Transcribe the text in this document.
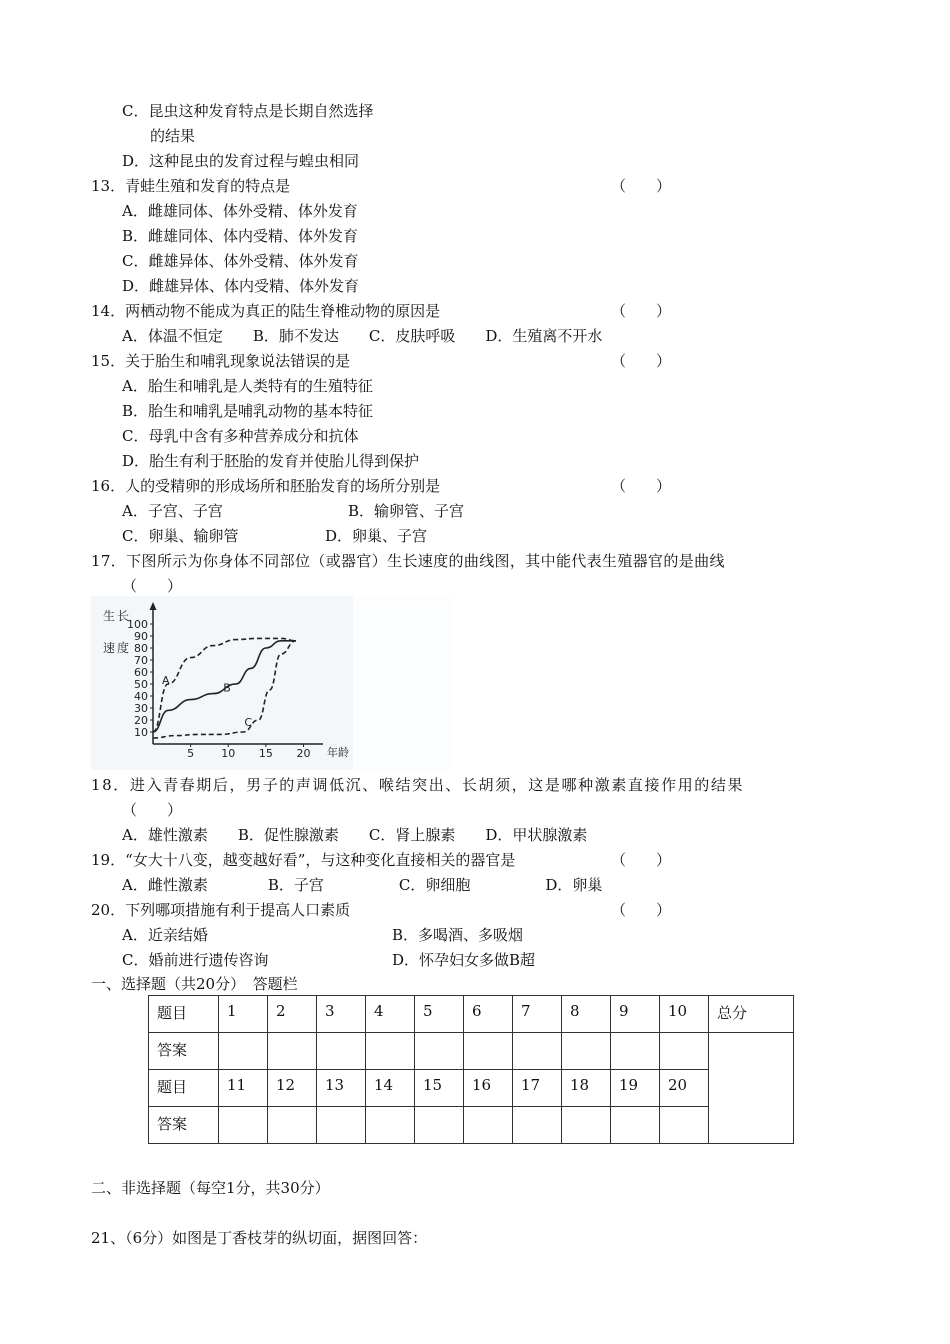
C．昆虫这种发育特点是长期自然选择
的结果
D．这种昆虫的发育过程与蝗虫相同
13．青蛙生殖和发育的特点是	（　　）
A．雌雄同体、体外受精、体外发育
B．雌雄同体、体内受精、体外发育
C．雌雄异体、体外受精、体外发育
D．雌雄异体、体内受精、体外发育
14．两栖动物不能成为真正的陆生脊椎动物的原因是	（　　）
A．体温不恒定　　B．肺不发达　　C．皮肤呼吸　　D．生殖离不开水
15．关于胎生和哺乳现象说法错误的是	（　　）
A．胎生和哺乳是人类特有的生殖特征
B．胎生和哺乳是哺乳动物的基本特征
C．母乳中含有多种营养成分和抗体
D．胎生有利于胚胎的发育并使胎儿得到保护
16．人的受精卵的形成场所和胚胎发育的场所分别是	（　　）
A．子宫、子宫	B．输卵管、子宫
C．卵巢、输卵管	D．卵巢、子宫
17．下图所示为你身体不同部位（或器官）生长速度的曲线图，其中能代表生殖器官的是曲线
（　　）
生 长
速 度
10
20
30
40
50
60
70
80
90
100
5 10 15 20
A
B
C
年龄
18．进入青春期后，男子的声调低沉、喉结突出、长胡须，这是哪种激素直接作用的结果
（　　）
A．雄性激素　　B．促性腺激素　　C．肾上腺素　　D．甲状腺激素
19．“女大十八变，越变越好看”，与这种变化直接相关的器官是	（　　）
A．雌性激素　　　　B．子宫　　　　　C．卵细胞　　　　　D．卵巢
20．下列哪项措施有利于提高人口素质	（　　）
A．近亲结婚	B．多喝酒、多吸烟
C．婚前进行遗传咨询	D．怀孕妇女多做B超
一、选择题（共20分）　答题栏
题目	1	2	3	4	5	6	7	8	9	10	总分
答案											
题目	11	12	13	14	15	16	17	18	19	20	
答案											
二、非选择题（每空1分，共30分）
21、（6分）如图是丁香枝芽的纵切面，据图回答：
